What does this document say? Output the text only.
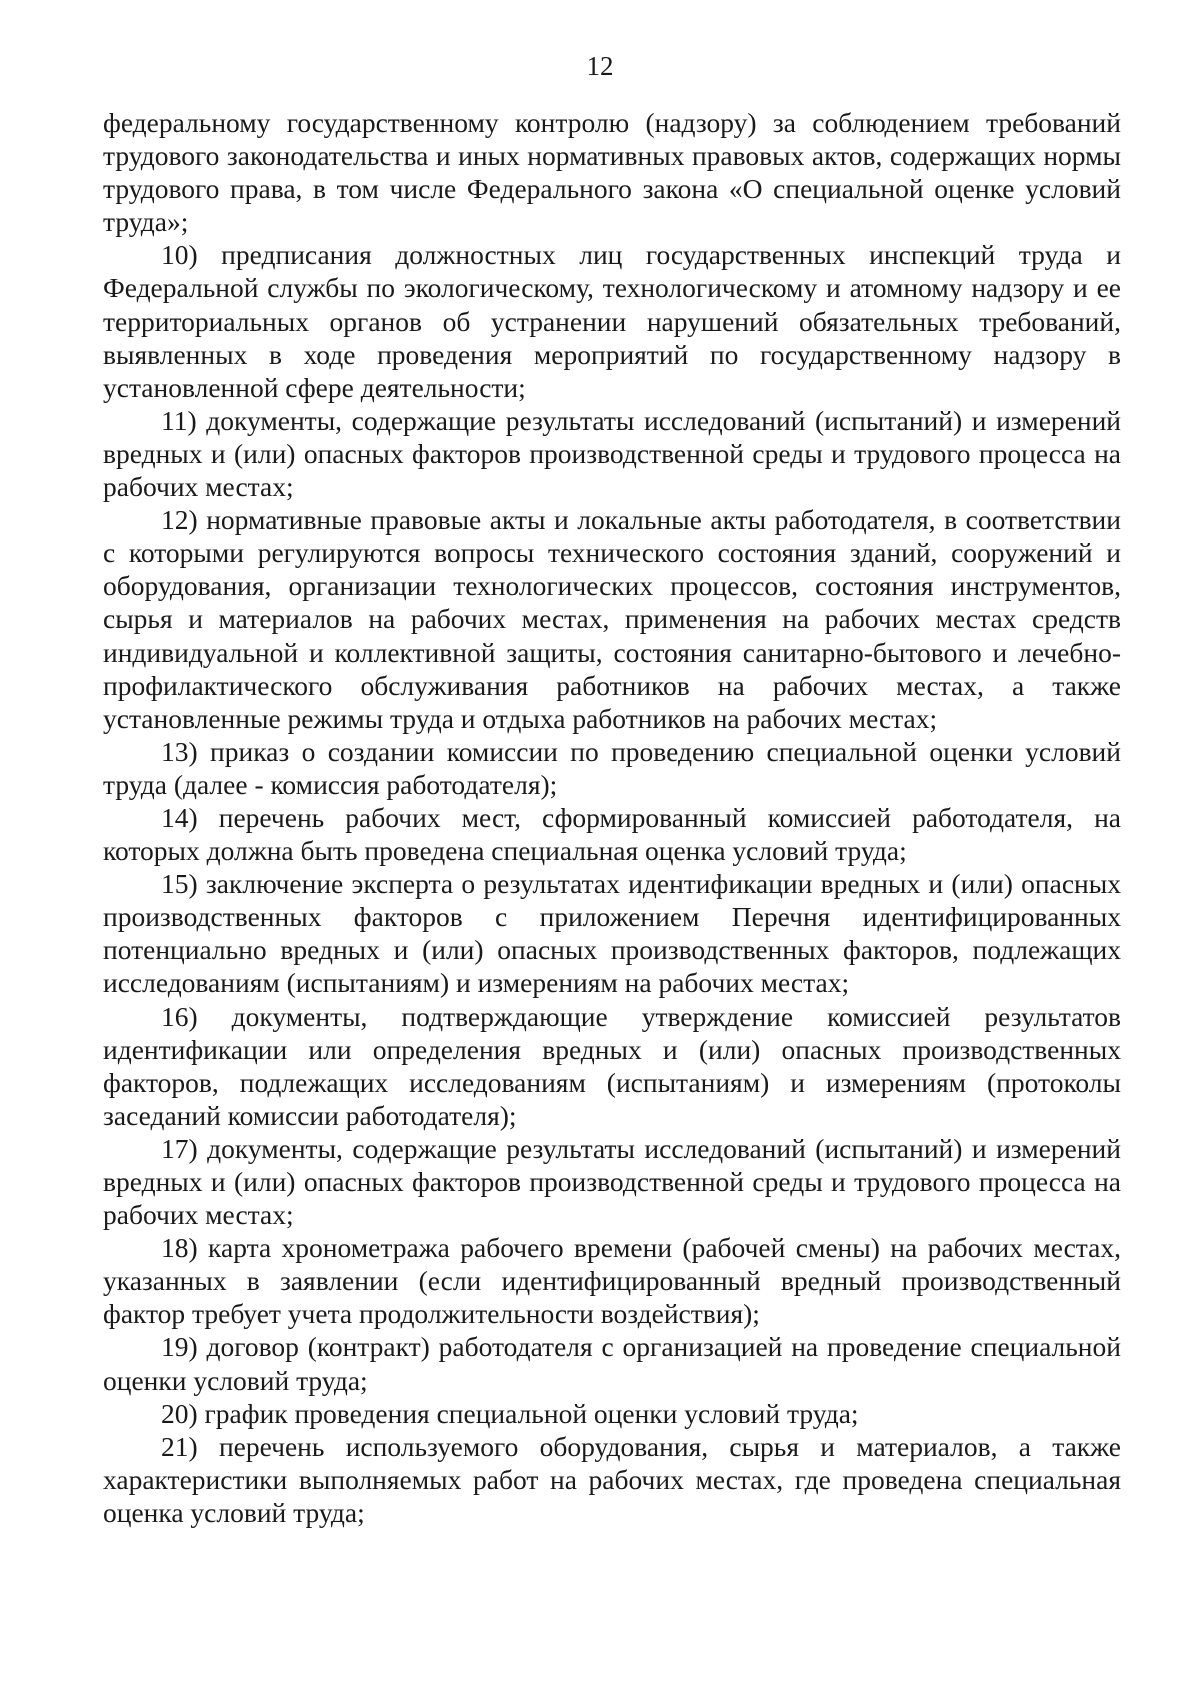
12

федеральному государственному контролю (надзору) за соблюдением требований трудового законодательства и иных нормативных правовых актов, содержащих нормы трудового права, в том числе Федерального закона «О специальной оценке условий труда»;

10) предписания должностных лиц государственных инспекций труда и Федеральной службы по экологическому, технологическому и атомному надзору и ее территориальных органов об устранении нарушений обязательных требований, выявленных в ходе проведения мероприятий по государственному надзору в установленной сфере деятельности;

11) документы, содержащие результаты исследований (испытаний) и измерений вредных и (или) опасных факторов производственной среды и трудового процесса на рабочих местах;

12) нормативные правовые акты и локальные акты работодателя, в соответствии с которыми регулируются вопросы технического состояния зданий, сооружений и оборудования, организации технологических процессов, состояния инструментов, сырья и материалов на рабочих местах, применения на рабочих местах средств индивидуальной и коллективной защиты, состояния санитарно-бытового и лечебно-профилактического обслуживания работников на рабочих местах, а также установленные режимы труда и отдыха работников на рабочих местах;

13) приказ о создании комиссии по проведению специальной оценки условий труда (далее - комиссия работодателя);

14) перечень рабочих мест, сформированный комиссией работодателя, на которых должна быть проведена специальная оценка условий труда;

15) заключение эксперта о результатах идентификации вредных и (или) опасных производственных факторов с приложением Перечня идентифицированных потенциально вредных и (или) опасных производственных факторов, подлежащих исследованиям (испытаниям) и измерениям на рабочих местах;

16) документы, подтверждающие утверждение комиссией результатов идентификации или определения вредных и (или) опасных производственных факторов, подлежащих исследованиям (испытаниям) и измерениям (протоколы заседаний комиссии работодателя);

17) документы, содержащие результаты исследований (испытаний) и измерений вредных и (или) опасных факторов производственной среды и трудового процесса на рабочих местах;

18) карта хронометража рабочего времени (рабочей смены) на рабочих местах, указанных в заявлении (если идентифицированный вредный производственный фактор требует учета продолжительности воздействия);

19) договор (контракт) работодателя с организацией на проведение специальной оценки условий труда;

20) график проведения специальной оценки условий труда;

21) перечень используемого оборудования, сырья и материалов, а также характеристики выполняемых работ на рабочих местах, где проведена специальная оценка условий труда;
